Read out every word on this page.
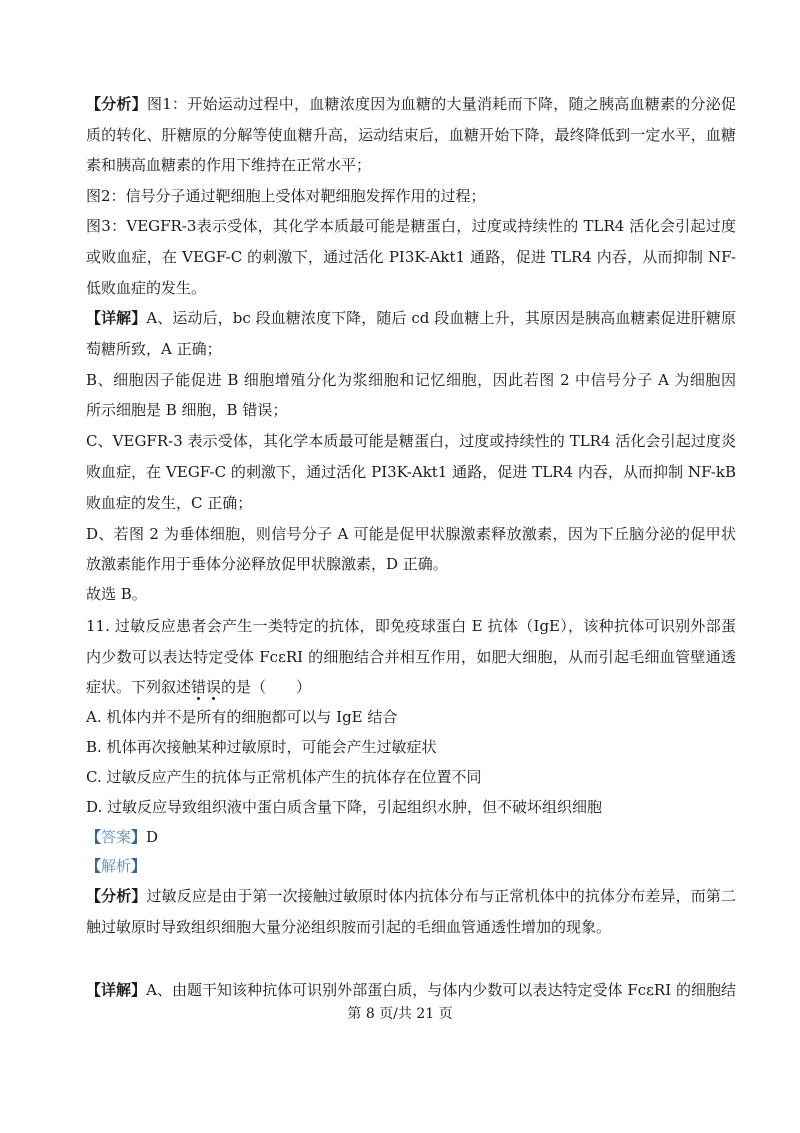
【分析】图1：开始运动过程中，血糖浓度因为血糖的大量消耗而下降，随之胰高血糖素的分泌促
质的转化、肝糖原的分解等使血糖升高，运动结束后，血糖开始下降，最终降低到一定水平，血糖
素和胰高血糖素的作用下维持在正常水平；
图2：信号分子通过靶细胞上受体对靶细胞发挥作用的过程；
图3：VEGFR-3表示受体，其化学本质最可能是糖蛋白，过度或持续性的 TLR4 活化会引起过度
或败血症，在 VEGF-C 的刺激下，通过活化 PI3K-Akt1 通路，促进 TLR4 内吞，从而抑制 NF-
低败血症的发生。
【详解】A、运动后，bc 段血糖浓度下降，随后 cd 段血糖上升，其原因是胰高血糖素促进肝糖原
萄糖所致，A 正确；
B、细胞因子能促进 B 细胞增殖分化为浆细胞和记忆细胞，因此若图 2 中信号分子 A 为细胞因
所示细胞是 B 细胞，B 错误；
C、VEGFR-3 表示受体，其化学本质最可能是糖蛋白，过度或持续性的 TLR4 活化会引起过度炎
败血症，在 VEGF-C 的刺激下，通过活化 PI3K-Akt1 通路，促进 TLR4 内吞，从而抑制 NF-kB
败血症的发生，C 正确；
D、若图 2 为垂体细胞，则信号分子 A 可能是促甲状腺激素释放激素，因为下丘脑分泌的促甲状
放激素能作用于垂体分泌释放促甲状腺激素，D 正确。
故选 B。
11. 过敏反应患者会产生一类特定的抗体，即免疫球蛋白 E 抗体（IgE），该种抗体可识别外部蛋
内少数可以表达特定受体 FcεRI 的细胞结合并相互作用，如肥大细胞，从而引起毛细血管壁通透
症状。下列叙述错误的是（　　）
A. 机体内并不是所有的细胞都可以与 IgE 结合
B. 机体再次接触某种过敏原时，可能会产生过敏症状
C. 过敏反应产生的抗体与正常机体产生的抗体存在位置不同
D. 过敏反应导致组织液中蛋白质含量下降，引起组织水肿，但不破坏组织细胞
【答案】D
【解析】
【分析】过敏反应是由于第一次接触过敏原时体内抗体分布与正常机体中的抗体分布差异，而第二
触过敏原时导致组织细胞大量分泌组织胺而引起的毛细血管通透性增加的现象。
【详解】A、由题干知该种抗体可识别外部蛋白质，与体内少数可以表达特定受体 FcεRI 的细胞结
第 8 页/共 21 页
